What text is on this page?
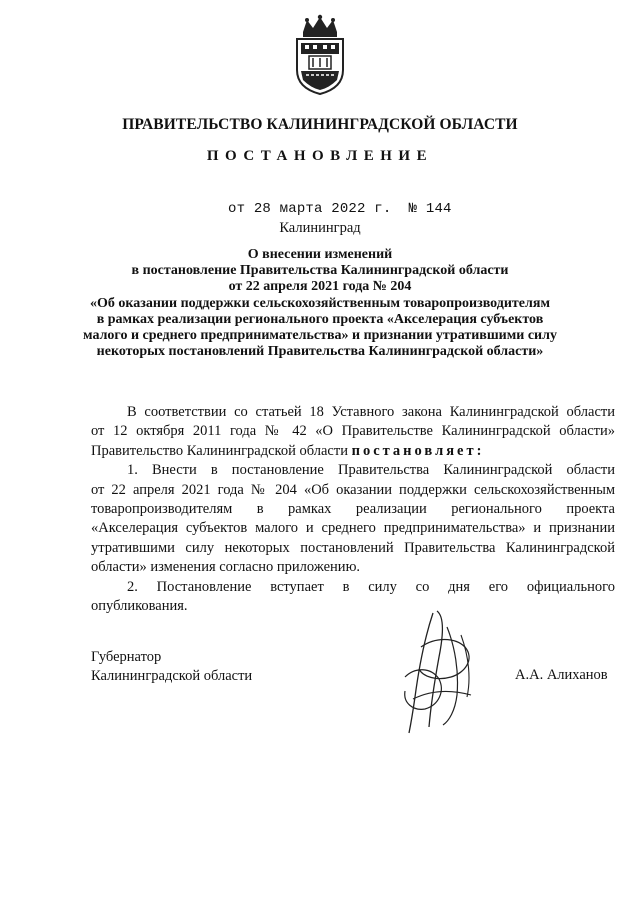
ПРАВИТЕЛЬСТВО КАЛИНИНГРАДСКОЙ ОБЛАСТИ
ПОСТАНОВЛЕНИЕ
от 28 марта 2022 г. № 144
Калининград
О внесении изменений
в постановление Правительства Калининградской области
от 22 апреля 2021 года № 204
«Об оказании поддержки сельскохозяйственным товаропроизводителям
в рамках реализации регионального проекта «Акселерация субъектов
малого и среднего предпринимательства» и признании утратившими силу
некоторых постановлений Правительства Калининградской области»
В соответствии со статьей 18 Уставного закона Калининградской области
от 12 октября 2011 года № 42 «О Правительстве Калининградской области»
Правительство Калининградской области постановляет:
1. Внести в постановление Правительства Калининградской области
от 22 апреля 2021 года № 204 «Об оказании поддержки сельскохозяйственным
товаропроизводителям в рамках реализации регионального проекта
«Акселерация субъектов малого и среднего предпринимательства» и признании
утратившими силу некоторых постановлений Правительства Калининградской
области» изменения согласно приложению.
2. Постановление вступает в силу со дня его официального
опубликования.
Губернатор
Калининградской области	А.А. Алиханов
